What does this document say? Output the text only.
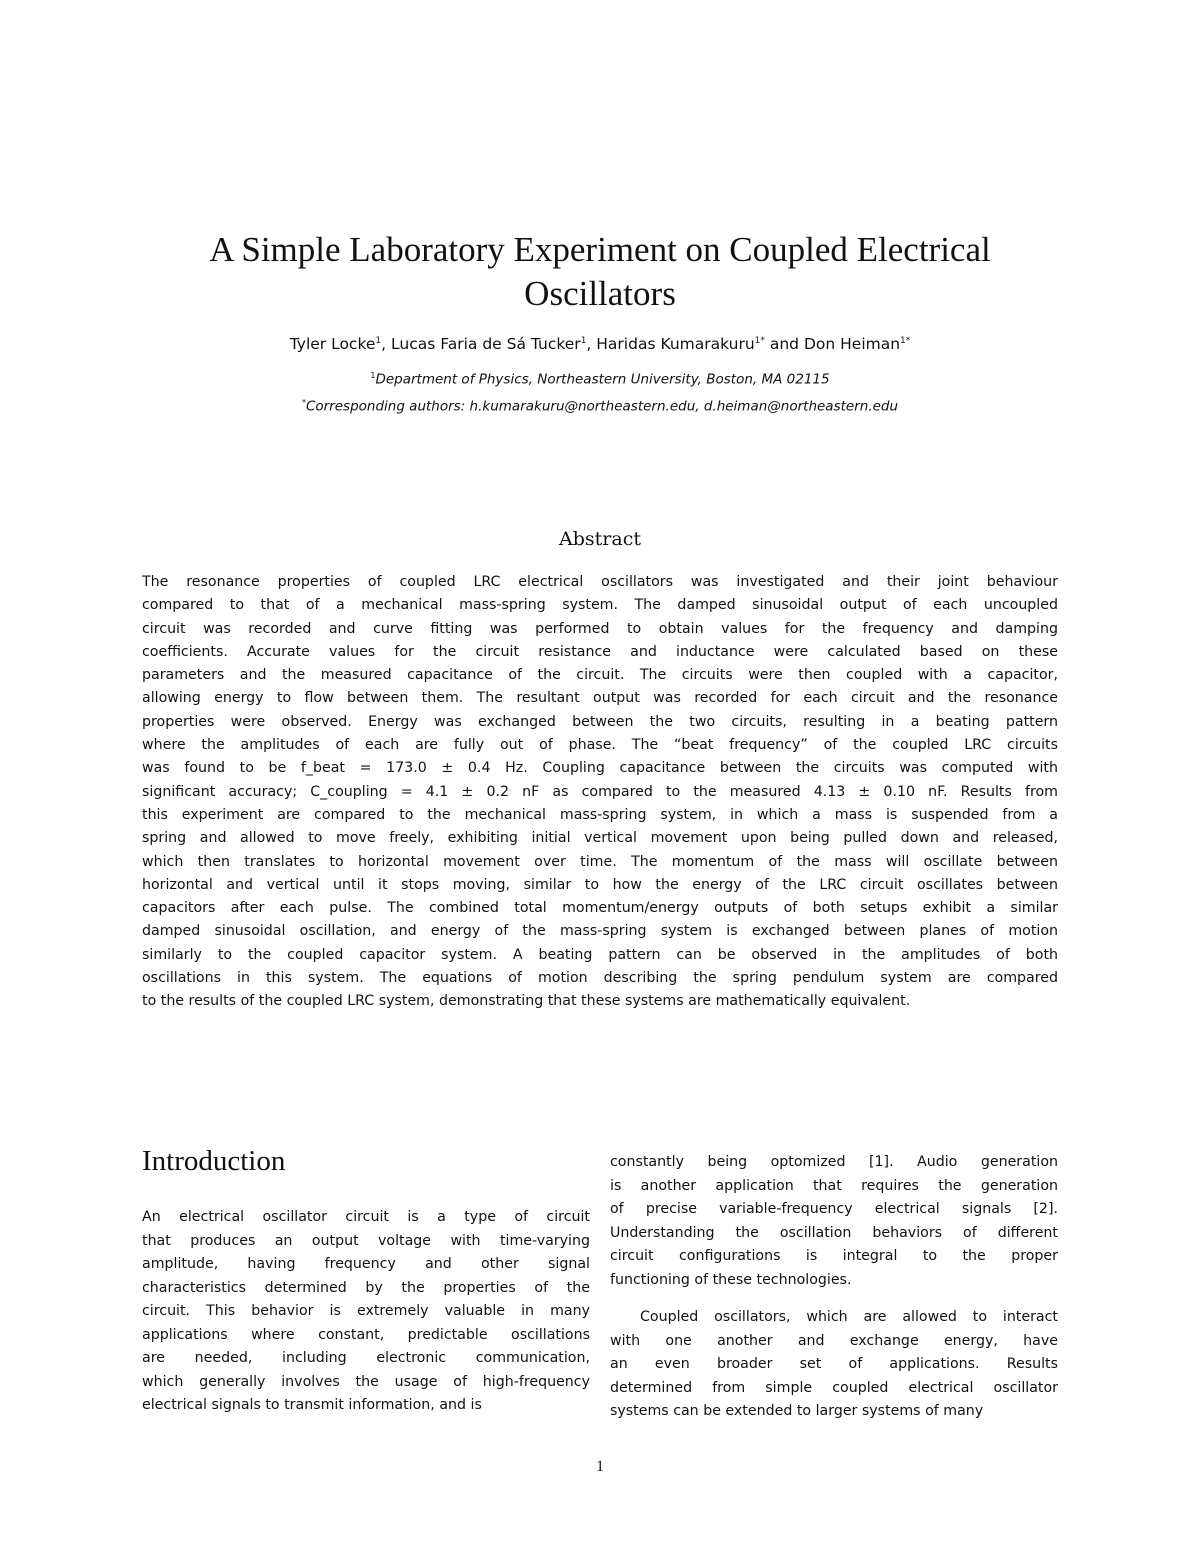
A Simple Laboratory Experiment on Coupled Electrical
Oscillators
Tyler Locke$^1$, Lucas Faria de Sá Tucker$^1$, Haridas Kumarakuru$^{1*}$ and Don Heiman$^{1*}$
$^1$Department of Physics, Northeastern University, Boston, MA 02115
*Corresponding authors: h.kumarakuru@northeastern.edu, d.heiman@northeastern.edu
Abstract
The resonance properties of coupled LRC electrical oscillators was investigated and their joint behaviour
compared to that of a mechanical mass-spring system. The damped sinusoidal output of each uncoupled
circuit was recorded and curve fitting was performed to obtain values for the frequency and damping
coefficients. Accurate values for the circuit resistance and inductance were calculated based on these
parameters and the measured capacitance of the circuit. The circuits were then coupled with a capacitor,
allowing energy to flow between them. The resultant output was recorded for each circuit and the resonance
properties were observed. Energy was exchanged between the two circuits, resulting in a beating pattern
where the amplitudes of each are fully out of phase. The “beat frequency” of the coupled LRC circuits
was found to be f_beat = 173.0 ± 0.4 Hz. Coupling capacitance between the circuits was computed with
significant accuracy; C_coupling = 4.1 ± 0.2 nF as compared to the measured 4.13 ± 0.10 nF. Results from
this experiment are compared to the mechanical mass-spring system, in which a mass is suspended from a
spring and allowed to move freely, exhibiting initial vertical movement upon being pulled down and released,
which then translates to horizontal movement over time. The momentum of the mass will oscillate between
horizontal and vertical until it stops moving, similar to how the energy of the LRC circuit oscillates between
capacitors after each pulse. The combined total momentum/energy outputs of both setups exhibit a similar
damped sinusoidal oscillation, and energy of the mass-spring system is exchanged between planes of motion
similarly to the coupled capacitor system. A beating pattern can be observed in the amplitudes of both
oscillations in this system. The equations of motion describing the spring pendulum system are compared
to the results of the coupled LRC system, demonstrating that these systems are mathematically equivalent.
Introduction
An electrical oscillator circuit is a type of circuit
that produces an output voltage with time-varying
amplitude, having frequency and other signal
characteristics determined by the properties of the
circuit. This behavior is extremely valuable in many
applications where constant, predictable oscillations
are needed, including electronic communication,
which generally involves the usage of high-frequency
electrical signals to transmit information, and is
constantly being optomized [1]. Audio generation
is another application that requires the generation
of precise variable-frequency electrical signals [2].
Understanding the oscillation behaviors of different
circuit configurations is integral to the proper
functioning of these technologies.
Coupled oscillators, which are allowed to interact
with one another and exchange energy, have
an even broader set of applications. Results
determined from simple coupled electrical oscillator
systems can be extended to larger systems of many
1
